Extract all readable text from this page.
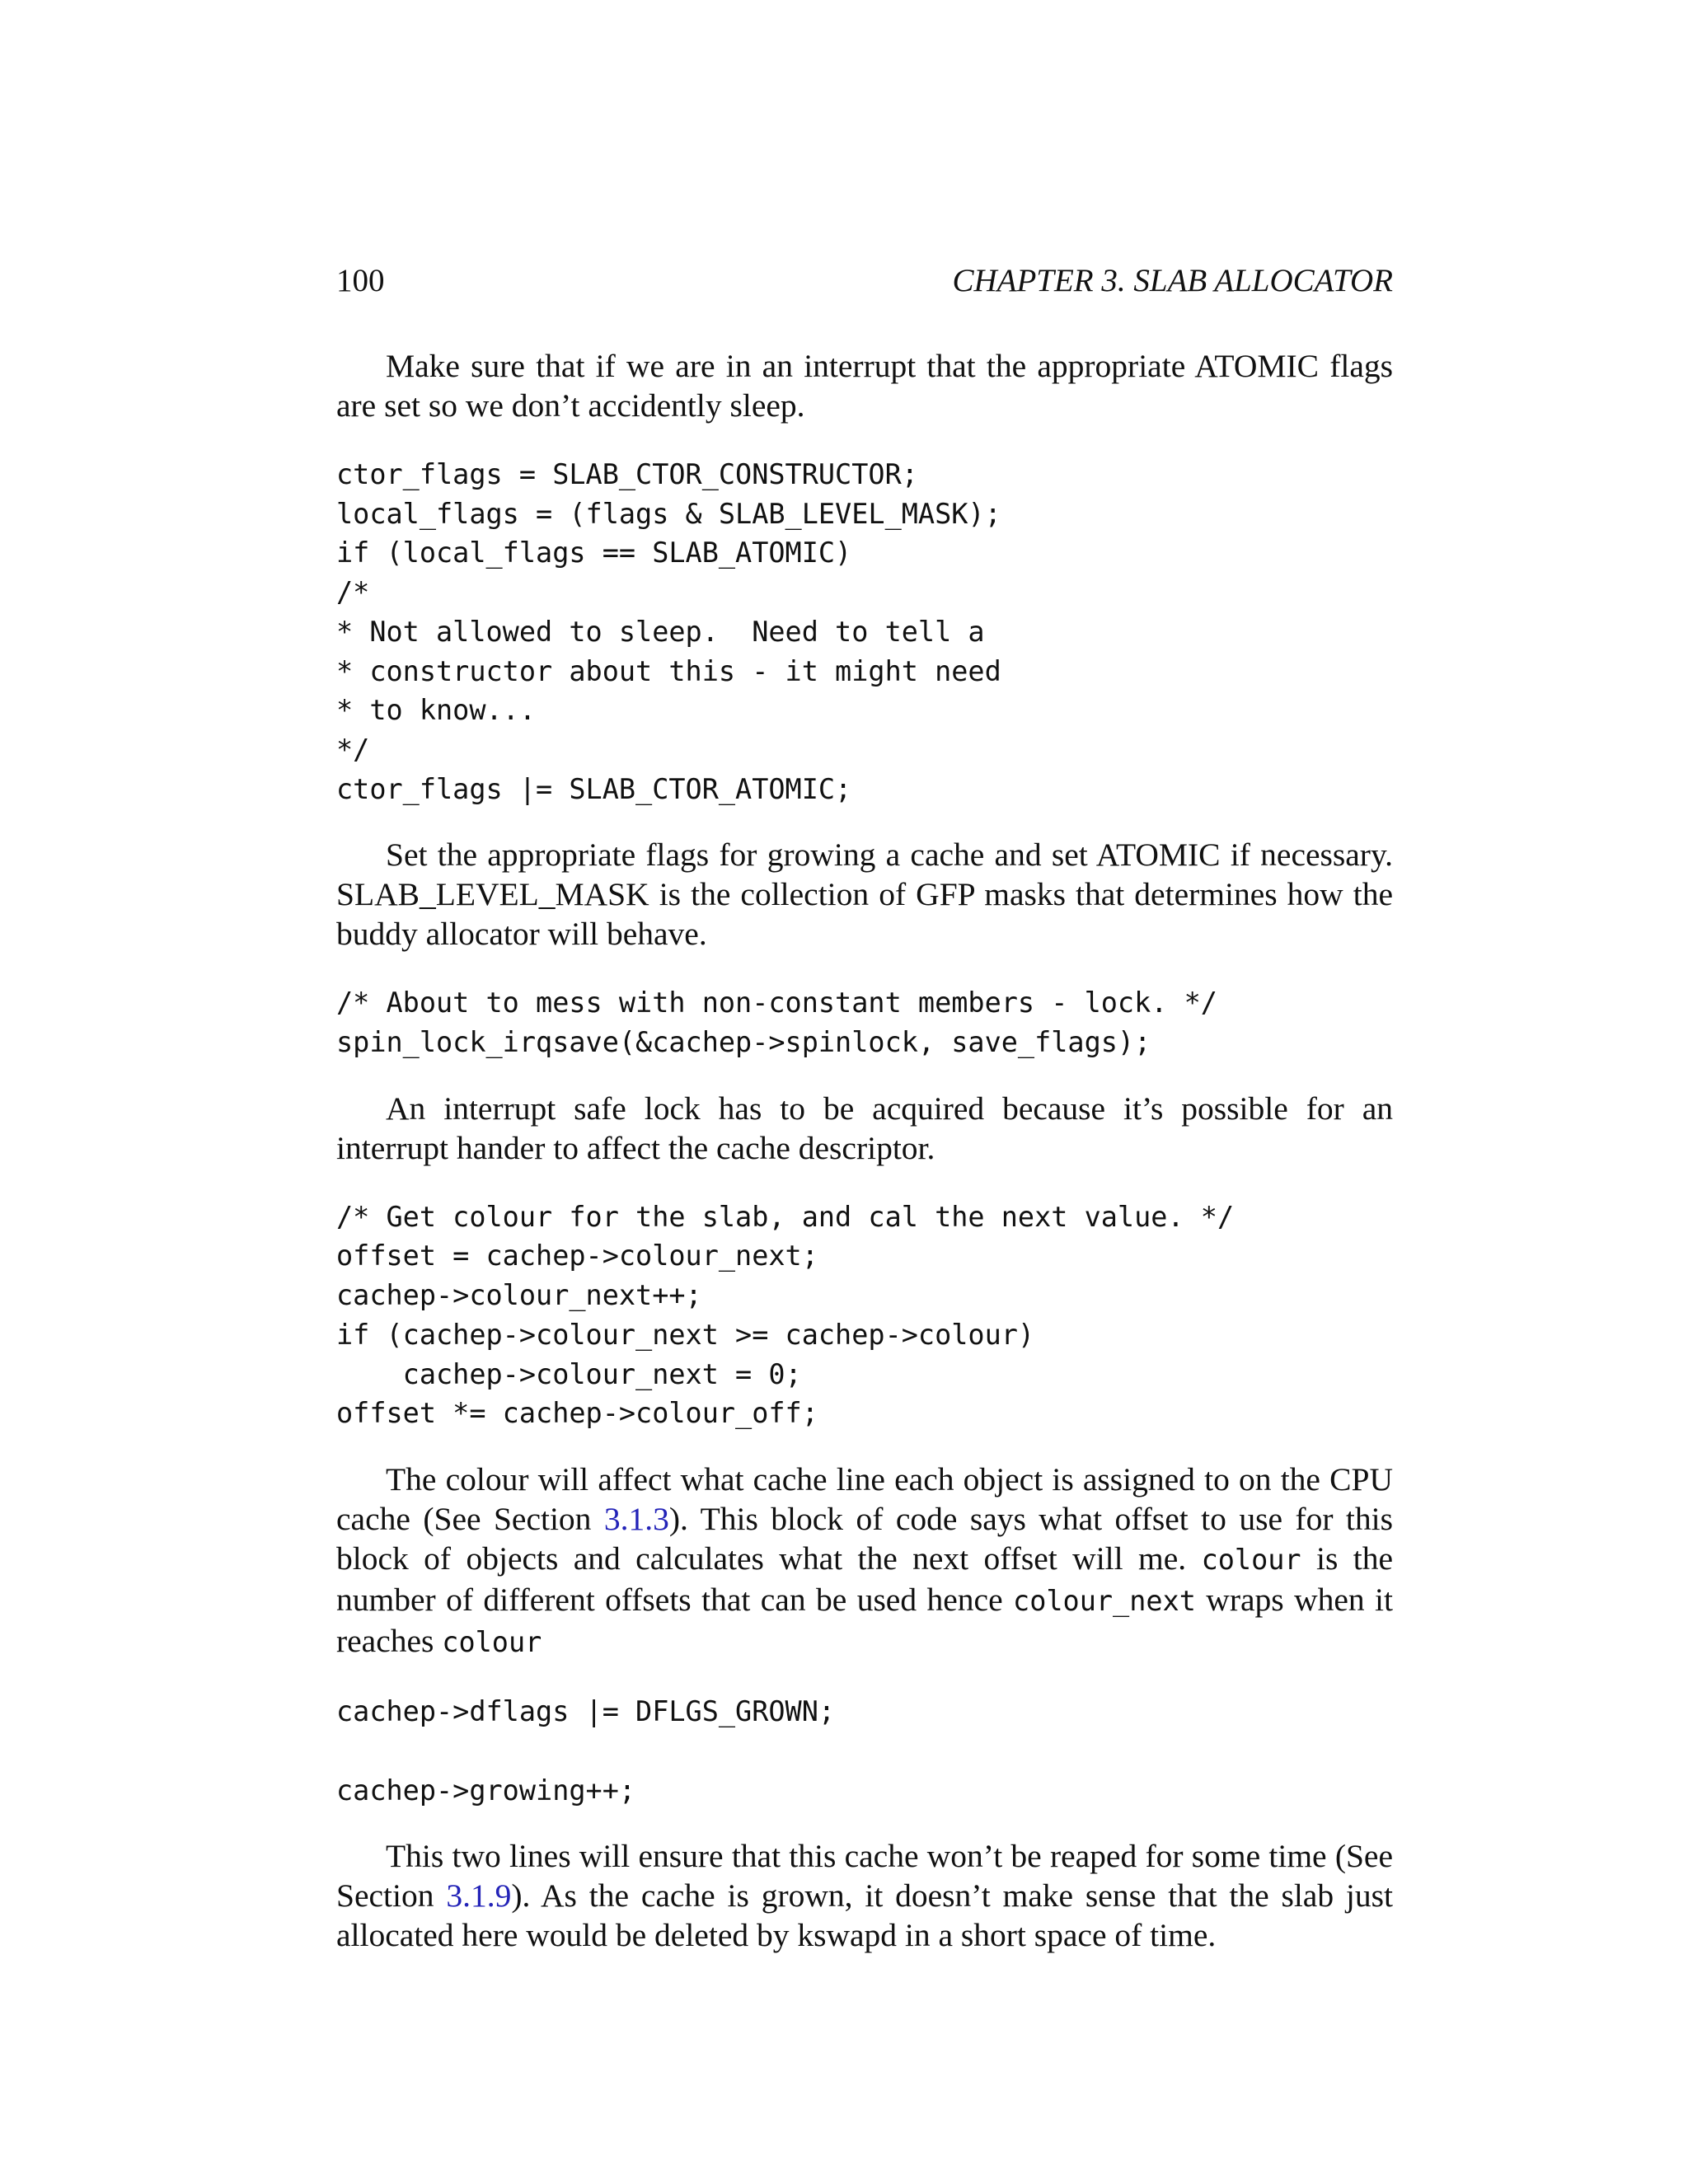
100	CHAPTER 3. SLAB ALLOCATOR

Make sure that if we are in an interrupt that the appropriate ATOMIC flags are set so we don’t accidently sleep.

ctor_flags = SLAB_CTOR_CONSTRUCTOR;
local_flags = (flags & SLAB_LEVEL_MASK);
if (local_flags == SLAB_ATOMIC)
/*
* Not allowed to sleep.  Need to tell a
* constructor about this - it might need
* to know...
*/
ctor_flags |= SLAB_CTOR_ATOMIC;

Set the appropriate flags for growing a cache and set ATOMIC if necessary. SLAB_LEVEL_MASK is the collection of GFP masks that determines how the buddy allocator will behave.

/* About to mess with non-constant members - lock. */
spin_lock_irqsave(&cachep->spinlock, save_flags);

An interrupt safe lock has to be acquired because it’s possible for an interrupt hander to affect the cache descriptor.

/* Get colour for the slab, and cal the next value. */
offset = cachep->colour_next;
cachep->colour_next++;
if (cachep->colour_next >= cachep->colour)
cachep->colour_next = 0;
offset *= cachep->colour_off;

The colour will affect what cache line each object is assigned to on the CPU cache (See Section 3.1.3). This block of code says what offset to use for this block of objects and calculates what the next offset will me. colour is the number of different offsets that can be used hence colour_next wraps when it reaches colour

cachep->dflags |= DFLGS_GROWN;
cachep->growing++;

This two lines will ensure that this cache won’t be reaped for some time (See Section 3.1.9). As the cache is grown, it doesn’t make sense that the slab just allocated here would be deleted by kswapd in a short space of time.
